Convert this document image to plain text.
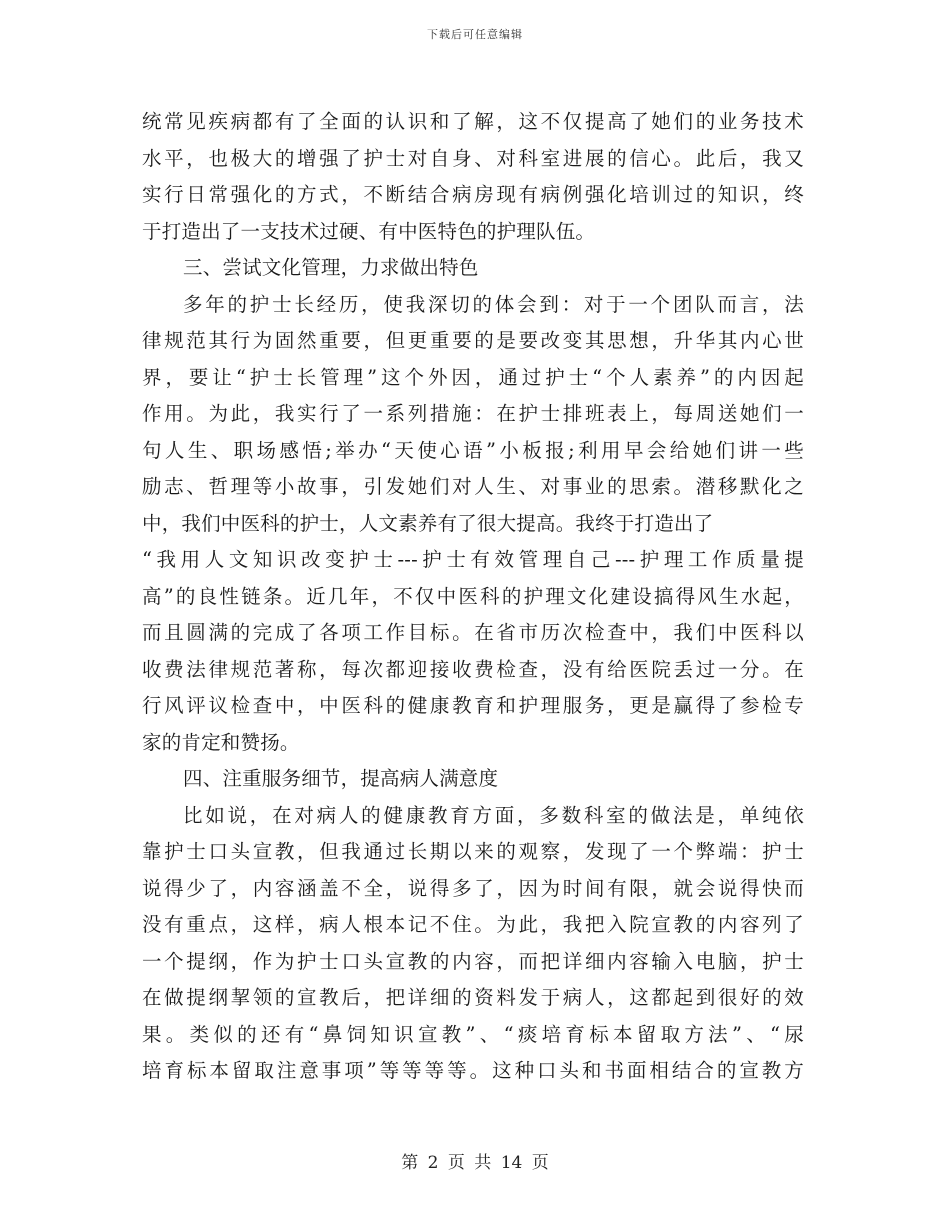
下载后可任意编辑
统常见疾病都有了全面的认识和了解，这不仅提高了她们的业务技术
水平，也极大的增强了护士对自身、对科室进展的信心。此后，我又
实行日常强化的方式，不断结合病房现有病例强化培训过的知识，终
于打造出了一支技术过硬、有中医特色的护理队伍。
三、尝试文化管理，力求做出特色
多年的护士长经历，使我深切的体会到：对于一个团队而言，法
律规范其行为固然重要，但更重要的是要改变其思想，升华其内心世
界，要让“护士长管理”这个外因，通过护士“个人素养”的内因起
作用。为此，我实行了一系列措施：在护士排班表上，每周送她们一
句人生、职场感悟;举办“天使心语”小板报;利用早会给她们讲一些
励志、哲理等小故事，引发她们对人生、对事业的思索。潜移默化之
中，我们中医科的护士，人文素养有了很大提高。我终于打造出了
“我用人文知识改变护士---护士有效管理自己---护理工作质量提
高”的良性链条。近几年，不仅中医科的护理文化建设搞得风生水起，
而且圆满的完成了各项工作目标。在省市历次检查中，我们中医科以
收费法律规范著称，每次都迎接收费检查，没有给医院丢过一分。在
行风评议检查中，中医科的健康教育和护理服务，更是赢得了参检专
家的肯定和赞扬。
四、注重服务细节，提高病人满意度
比如说，在对病人的健康教育方面，多数科室的做法是，单纯依
靠护士口头宣教，但我通过长期以来的观察，发现了一个弊端：护士
说得少了，内容涵盖不全，说得多了，因为时间有限，就会说得快而
没有重点，这样，病人根本记不住。为此，我把入院宣教的内容列了
一个提纲，作为护士口头宣教的内容，而把详细内容输入电脑，护士
在做提纲挈领的宣教后，把详细的资料发于病人，这都起到很好的效
果。类似的还有“鼻饲知识宣教”、“痰培育标本留取方法”、“尿
培育标本留取注意事项”等等等等。这种口头和书面相结合的宣教方
第 2 页 共 14 页
